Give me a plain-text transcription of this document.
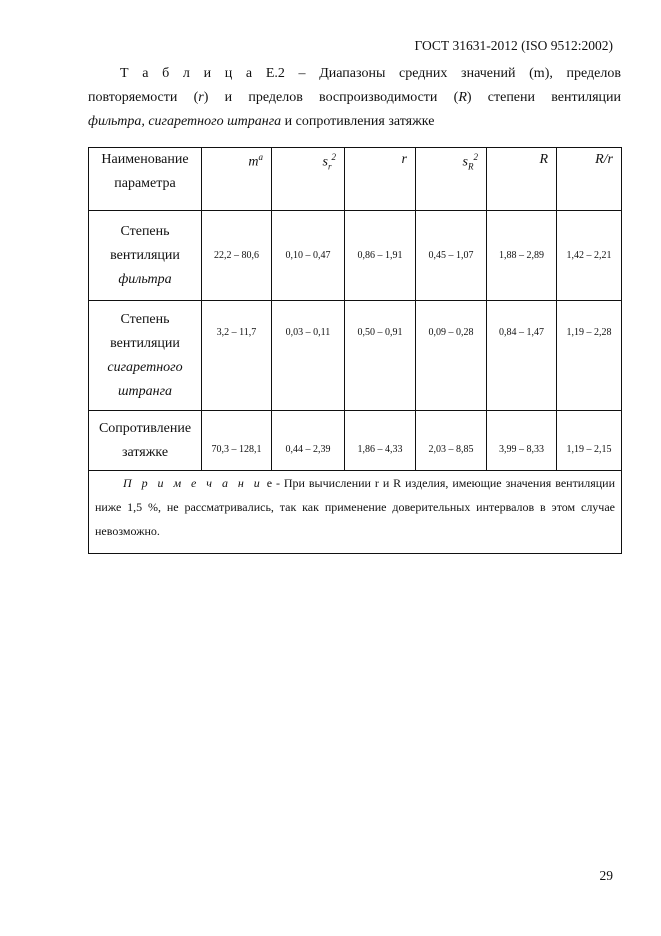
ГОСТ 31631-2012 (ISO 9512:2002)
Т а б л и ц а Е.2 – Диапазоны средних значений (m), пределов
повторяемости (r) и пределов воспроизводимости (R) степени вентиляции
фильтра, сигаретного штранга и сопротивления затяжке
Наименование параметра	$m^a$	$s_r^2$	r	$s_R^2$	R	R/r
Степень вентиляции
фильтра	22,2 – 80,6	0,10 – 0,47	0,86 – 1,91	0,45 – 1,07	1,88 – 2,89	1,42 – 2,21
Степень вентиляции
сигаретного штранга	3,2 – 11,7	0,03 – 0,11	0,50 – 0,91	0,09 – 0,28	0,84 – 1,47	1,19 – 2,28
Сопротивление затяжке	70,3 – 128,1	0,44 – 2,39	1,86 – 4,33	2,03 – 8,85	3,99 – 8,33	1,19 – 2,15
П р и м е ч а н и е - При вычислении r и R изделия, имеющие значения вентиляции ниже 1,5 %, не рассматривались, так как применение доверительных интервалов в этом случае невозможно.						
29
